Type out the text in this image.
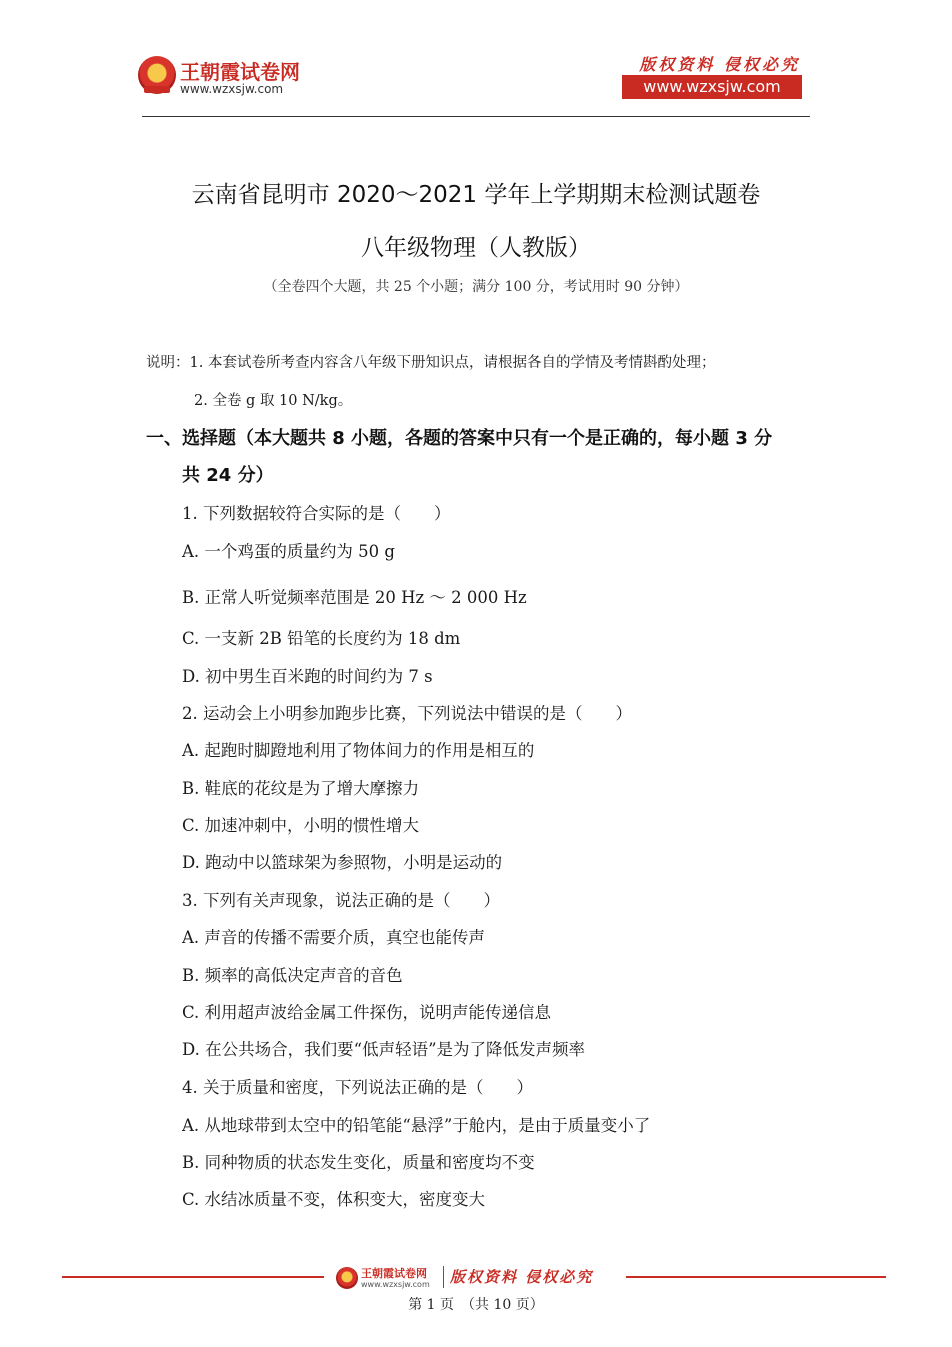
王朝霞试卷网
www.wzxsjw.com
版权资料 侵权必究
www.wzxsjw.com
云南省昆明市 2020～2021 学年上学期期末检测试题卷
八年级物理（人教版）
（全卷四个大题，共 25 个小题；满分 100 分，考试用时 90 分钟）
说明：1. 本套试卷所考查内容含八年级下册知识点，请根据各自的学情及考情斟酌处理；
2. 全卷 g 取 10 N/kg。
一、选择题（本大题共 8 小题，各题的答案中只有一个是正确的，每小题 3 分
共 24 分）
1. 下列数据较符合实际的是（　　）
A. 一个鸡蛋的质量约为 50 g
B. 正常人听觉频率范围是 20 Hz ～ 2 000 Hz
C. 一支新 2B 铅笔的长度约为 18 dm
D. 初中男生百米跑的时间约为 7 s
2. 运动会上小明参加跑步比赛，下列说法中错误的是（　　）
A. 起跑时脚蹬地利用了物体间力的作用是相互的
B. 鞋底的花纹是为了增大摩擦力
C. 加速冲刺中，小明的惯性增大
D. 跑动中以篮球架为参照物，小明是运动的
3. 下列有关声现象，说法正确的是（　　）
A. 声音的传播不需要介质，真空也能传声
B. 频率的高低决定声音的音色
C. 利用超声波给金属工件探伤，说明声能传递信息
D. 在公共场合，我们要“低声轻语”是为了降低发声频率
4. 关于质量和密度，下列说法正确的是（　　）
A. 从地球带到太空中的铅笔能“悬浮”于舱内，是由于质量变小了
B. 同种物质的状态发生变化，质量和密度均不变
C. 水结冰质量不变，体积变大，密度变大
王朝霞试卷网
www.wzxsjw.com 版权资料 侵权必究
第 1 页　（共 10 页）
